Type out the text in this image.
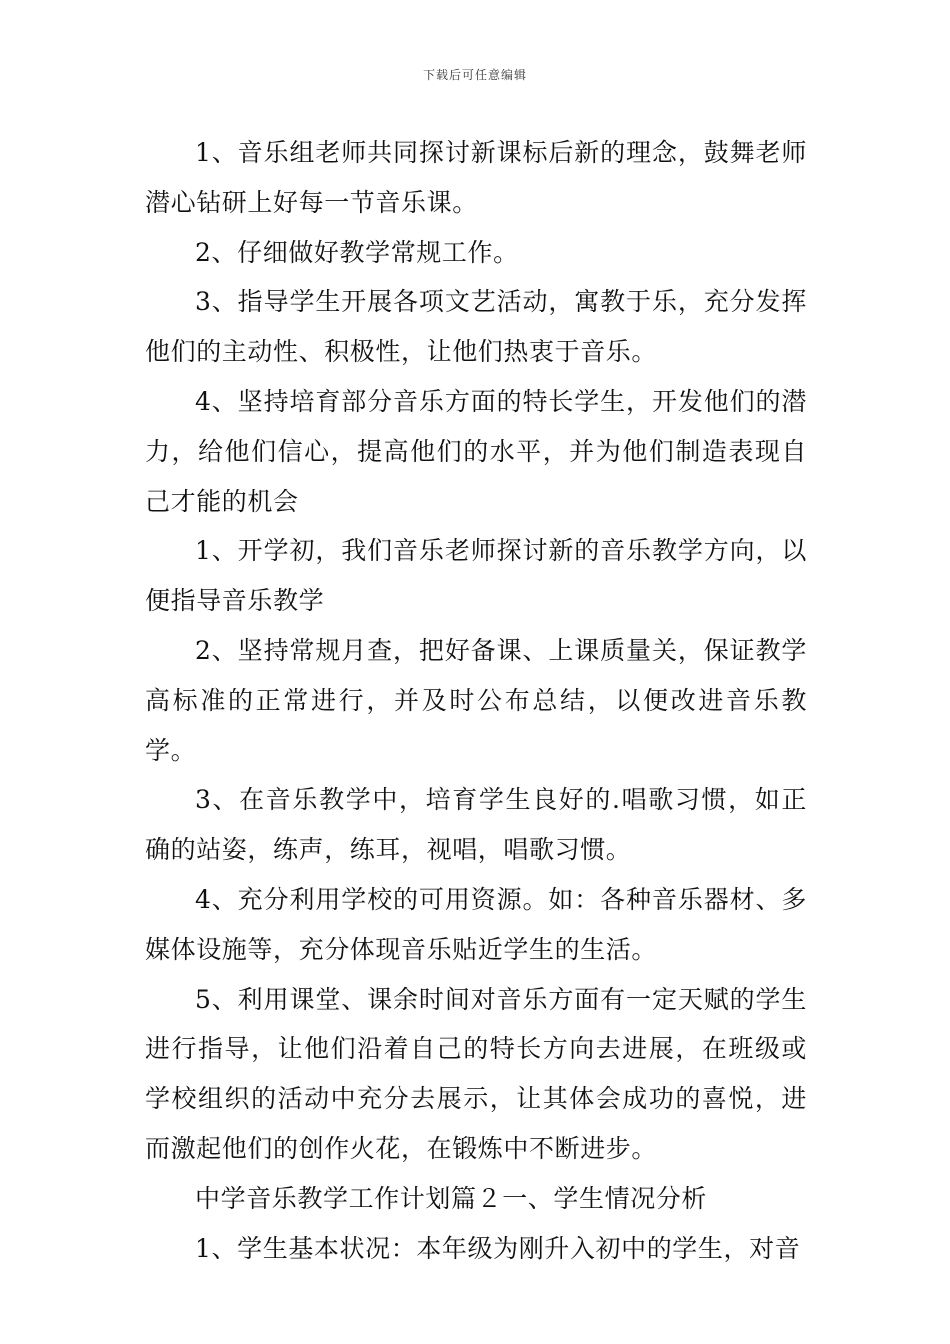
下载后可任意编辑

1、音乐组老师共同探讨新课标后新的理念，鼓舞老师潜心钻研上好每一节音乐课。

2、仔细做好教学常规工作。

3、指导学生开展各项文艺活动，寓教于乐，充分发挥他们的主动性、积极性，让他们热衷于音乐。

4、坚持培育部分音乐方面的特长学生，开发他们的潜力，给他们信心，提高他们的水平，并为他们制造表现自己才能的机会

1、开学初，我们音乐老师探讨新的音乐教学方向，以便指导音乐教学

2、坚持常规月查，把好备课、上课质量关，保证教学高标准的正常进行，并及时公布总结，以便改进音乐教学。

3、在音乐教学中，培育学生良好的.唱歌习惯，如正确的站姿，练声，练耳，视唱，唱歌习惯。

4、充分利用学校的可用资源。如：各种音乐器材、多媒体设施等，充分体现音乐贴近学生的生活。

5、利用课堂、课余时间对音乐方面有一定天赋的学生进行指导，让他们沿着自己的特长方向去进展，在班级或学校组织的活动中充分去展示，让其体会成功的喜悦，进而激起他们的创作火花，在锻炼中不断进步。

中学音乐教学工作计划篇２一、学生情况分析

1、学生基本状况：本年级为刚升入初中的学生，对音
